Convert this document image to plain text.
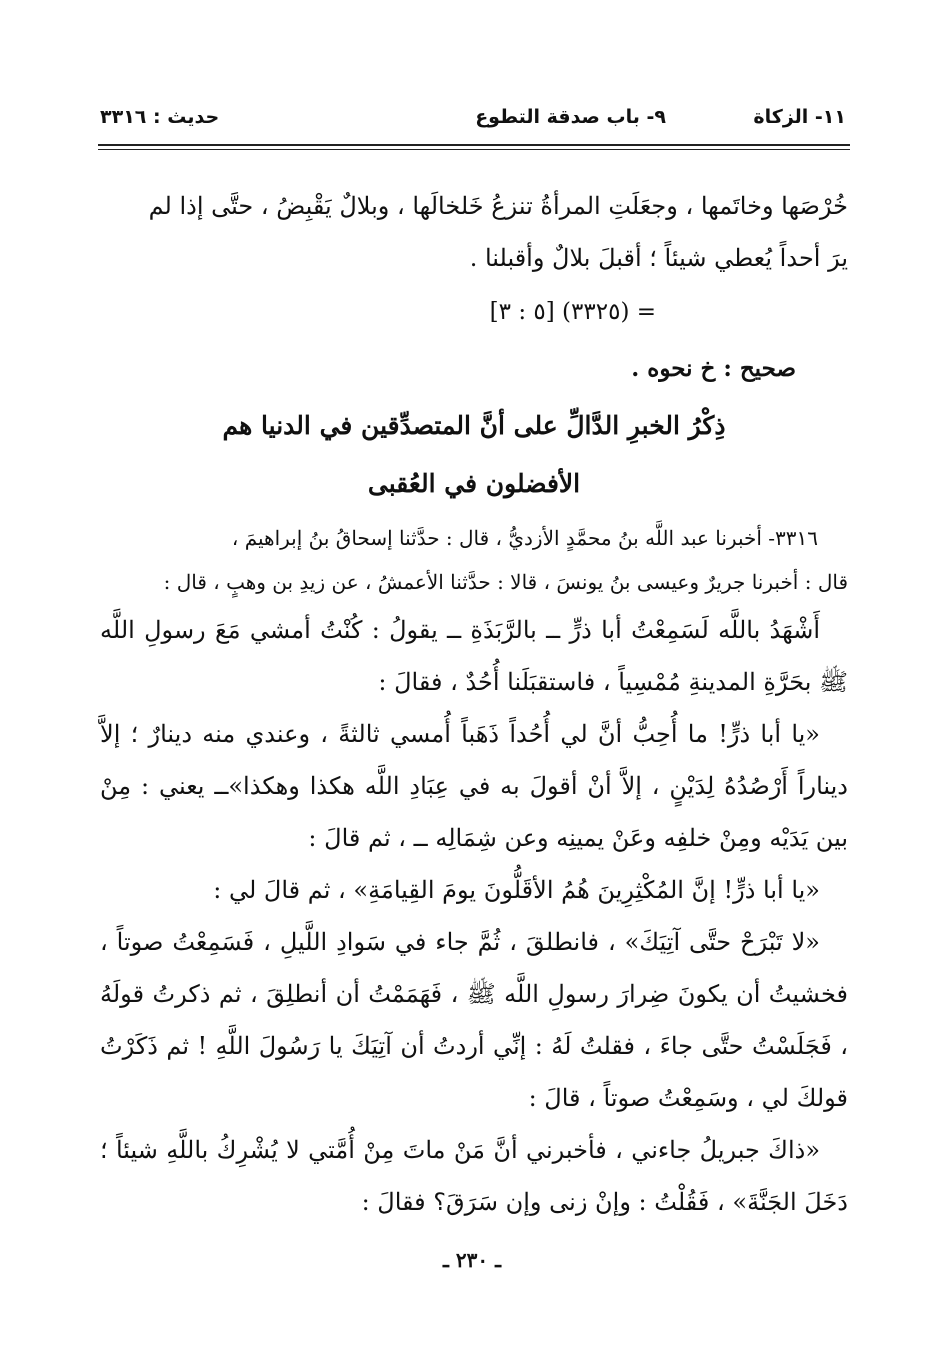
١١- الزكاة
٩- باب صدقة التطوع
حديث : ٣٣١٦

خُرْصَها وخاتَمها ، وجعَلَتِ المرأةُ تنزعُ خَلخالَها ، وبلالٌ يَقْبِضُ ، حتَّى إذا لم

يرَ أحداً يُعطي شيئاً ؛ أقبلَ بلالٌ وأقبلنا .

= (٣٣٢٥) [٥ : ٣]

صحيح : خ نحوه .

ذِكْرُ الخبرِ الدَّالِّ على أنَّ المتصدِّقين في الدنيا هم

الأفضلون في العُقبى

٣٣١٦- أخبرنا عبد اللَّه بنُ محمَّدٍ الأزديُّ ، قال : حدَّثنا إسحاقُ بنُ إبراهيمَ ،

قال : أخبرنا جريرٌ وعيسى بنُ يونسَ ، قالا : حدَّثنا الأعمشُ ، عن زيدِ بن وهبٍ ، قال :

أَشْهَدُ باللَّه لَسَمِعْتُ أبا ذرٍّ ــ بالرَّبَذَةِ ــ يقولُ : كُنْتُ أمشي مَعَ رسولِ اللَّه ﷺ بحَرَّةِ المدينةِ مُمْسِياً ، فاستقبَلَنا أُحُدٌ ، فقالَ :

«يا أبا ذرٍّ! ما أُحِبُّ أنَّ لي أُحُداً ذَهَباً أُمسي ثالثةً ، وعندي منه دينارٌ ؛ إلاَّ ديناراً أَرْصُدُهُ لِدَيْنٍ ، إلاَّ أنْ أقولَ به في عِبَادِ اللَّه هكذا وهكذا»ــ يعني : مِنْ بين يَدَيْه ومِنْ خلفِه وعَنْ يمينِه وعن شِمَالِه ــ ، ثم قالَ :

«يا أبا ذرٍّ! إنَّ المُكْثِرِينَ هُمُ الأقَلُّونَ يومَ القِيامَةِ» ، ثم قالَ لي :

«لا تَبْرَحْ حتَّى آتِيَكَ» ، فانطلقَ ، ثُمَّ جاء في سَوادِ اللَّيلِ ، فَسَمِعْتُ صوتاً ، فخشيتُ أن يكونَ ضِرارَ رسولِ اللَّه ﷺ ، فَهَمَمْتُ أن أنطلِقَ ، ثم ذكرتُ قولَهُ ، فَجَلَسْتُ حتَّى جاءَ ، فقلتُ لَهُ : إنِّي أردتُ أن آتِيَكَ يا رَسُولَ اللَّهِ ! ثم ذَكَرْتُ قولكَ لي ، وسَمِعْتُ صوتاً ، قالَ :

«ذاكَ جبريلُ جاءني ، فأخبرني أنَّ مَنْ ماتَ مِنْ أُمَّتي لا يُشْرِكُ باللَّهِ شيئاً ؛ دَخَلَ الجَنَّةَ» ، فَقُلْتُ : وإنْ زنى وإن سَرَقَ؟ فقالَ :

ـ ٢٣٠ ـ
